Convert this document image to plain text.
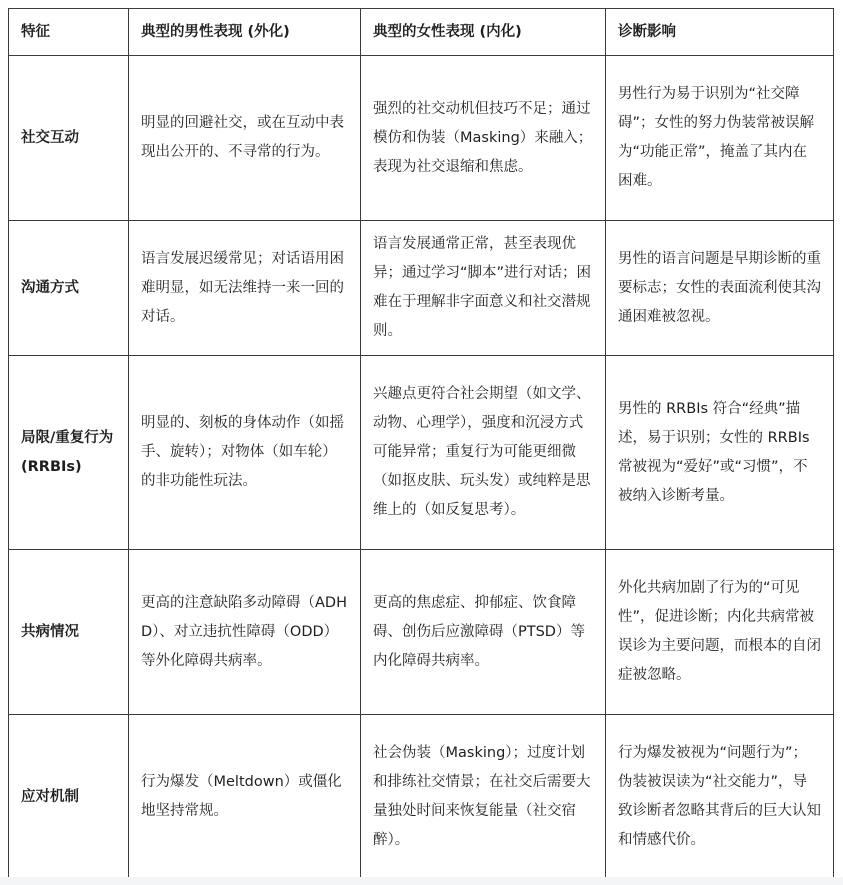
特征	典型的男性表现 (外化)	典型的女性表现 (内化)	诊断影响
社交互动	明显的回避社交，或在互动中表现出公开的、不寻常的行为。	强烈的社交动机但技巧不足；通过模仿和伪装（Masking）来融入；表现为社交退缩和焦虑。	男性行为易于识别为“社交障碍”；女性的努力伪装常被误解为“功能正常”，掩盖了其内在困难。
沟通方式	语言发展迟缓常见；对话语用困难明显，如无法维持一来一回的对话。	语言发展通常正常，甚至表现优异；通过学习“脚本”进行对话；困难在于理解非字面意义和社交潜规则。	男性的语言问题是早期诊断的重要标志；女性的表面流利使其沟通困难被忽视。
局限/重复行为 (RRBIs)	明显的、刻板的身体动作（如摇手、旋转）；对物体（如车轮）的非功能性玩法。	兴趣点更符合社会期望（如文学、动物、心理学），强度和沉浸方式可能异常；重复行为可能更细微（如抠皮肤、玩头发）或纯粹是思维上的（如反复思考）。	男性的 RRBIs 符合“经典”描述，易于识别；女性的 RRBIs 常被视为“爱好”或“习惯”，不被纳入诊断考量。
共病情况	更高的注意缺陷多动障碍（ADHD）、对立违抗性障碍（ODD）等外化障碍共病率。	更高的焦虑症、抑郁症、饮食障碍、创伤后应激障碍（PTSD）等内化障碍共病率。	外化共病加剧了行为的“可见性”，促进诊断；内化共病常被误诊为主要问题，而根本的自闭症被忽略。
应对机制	行为爆发（Meltdown）或僵化地坚持常规。	社会伪装（Masking）；过度计划和排练社交情景；在社交后需要大量独处时间来恢复能量（社交宿醉）。	行为爆发被视为“问题行为”；伪装被误读为“社交能力”，导致诊断者忽略其背后的巨大认知和情感代价。
